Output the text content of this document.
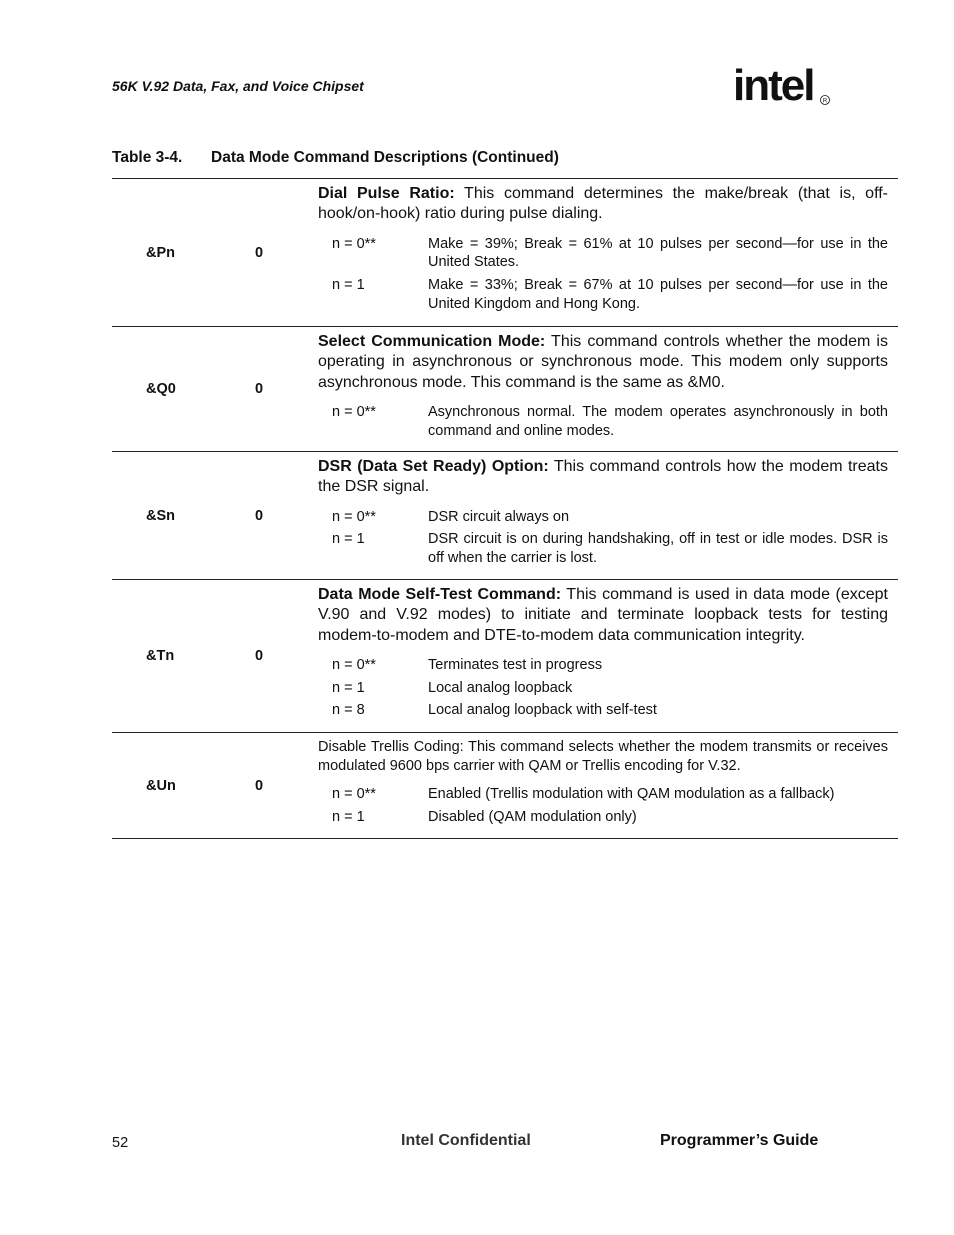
56K V.92 Data, Fax, and Voice Chipset	intel R
Table 3-4. Data Mode Command Descriptions (Continued)
&Pn	0

Dial Pulse Ratio: This command determines the make/break (that is, off-hook/on-hook) ratio during pulse dialing.

n = 0**	Make = 39%; Break = 61% at 10 pulses per second—for use in the United States.
n = 1	Make = 33%; Break = 67% at 10 pulses per second—for use in the United Kingdom and Hong Kong.
&Q0	0

Select Communication Mode: This command controls whether the modem is operating in asynchronous or synchronous mode. This modem only supports asynchronous mode. This command is the same as &M0.

n = 0**	Asynchronous normal. The modem operates asynchronously in both command and online modes.
&Sn	0

DSR (Data Set Ready) Option: This command controls how the modem treats the DSR signal.

n = 0**	DSR circuit always on
n = 1	DSR circuit is on during handshaking, off in test or idle modes. DSR is off when the carrier is lost.
&Tn	0

Data Mode Self-Test Command: This command is used in data mode (except V.90 and V.92 modes) to initiate and terminate loopback tests for testing modem-to-modem and DTE-to-modem data communication integrity.

n = 0**	Terminates test in progress
n = 1	Local analog loopback
n = 8	Local analog loopback with self-test
&Un	0

Disable Trellis Coding: This command selects whether the modem transmits or receives modulated 9600 bps carrier with QAM or Trellis encoding for V.32.

n = 0**	Enabled (Trellis modulation with QAM modulation as a fallback)
n = 1	Disabled (QAM modulation only)
52	Intel Confidential	Programmer’s Guide
